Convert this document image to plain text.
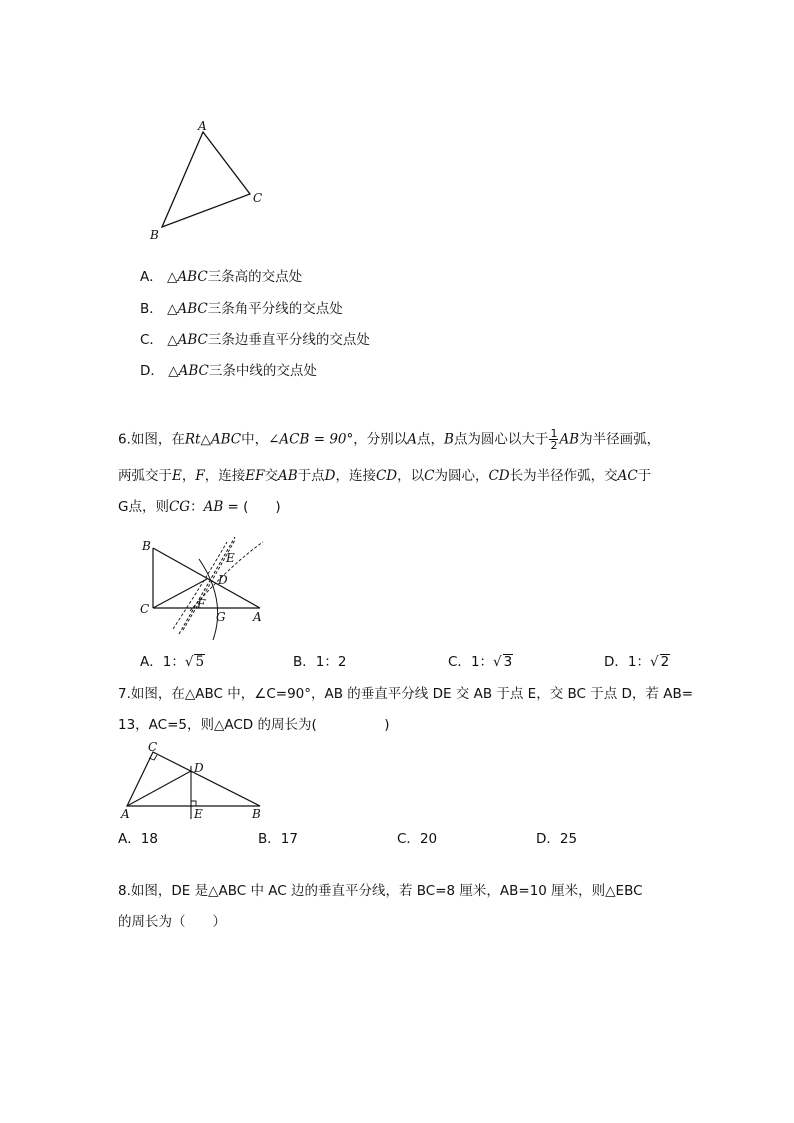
A
C
B
A． △ABC三条高的交点处
B． △ABC三条角平分线的交点处
C． △ABC三条边垂直平分线的交点处
D． △ABC三条中线的交点处
6.如图，在Rt△ABC中，∠ACB = 90°，分别以A点，B点为圆心以大于 $\frac{1}{2}$ AB为半径画弧，
两弧交于E，F，连接EF交AB于点D，连接CD，以C为圆心，CD长为半径作弧，交AC于
G点，则CG：AB = (　　)
B
C
E
D
F
G A
A．1：√ 5	B．1：2	C．1：√ 3	D．1：√ 2
7.如图，在△ABC 中，∠C=90°，AB 的垂直平分线 DE 交 AB 于点 E，交 BC 于点 D，若 AB=
13，AC=5，则△ACD 的周长为(　　　　　)
C
D
A	E	B
A．18	B．17	C．20	D．25
8.如图，DE 是△ABC 中 AC 边的垂直平分线，若 BC=8 厘米，AB=10 厘米，则△EBC
的周长为（　　）
